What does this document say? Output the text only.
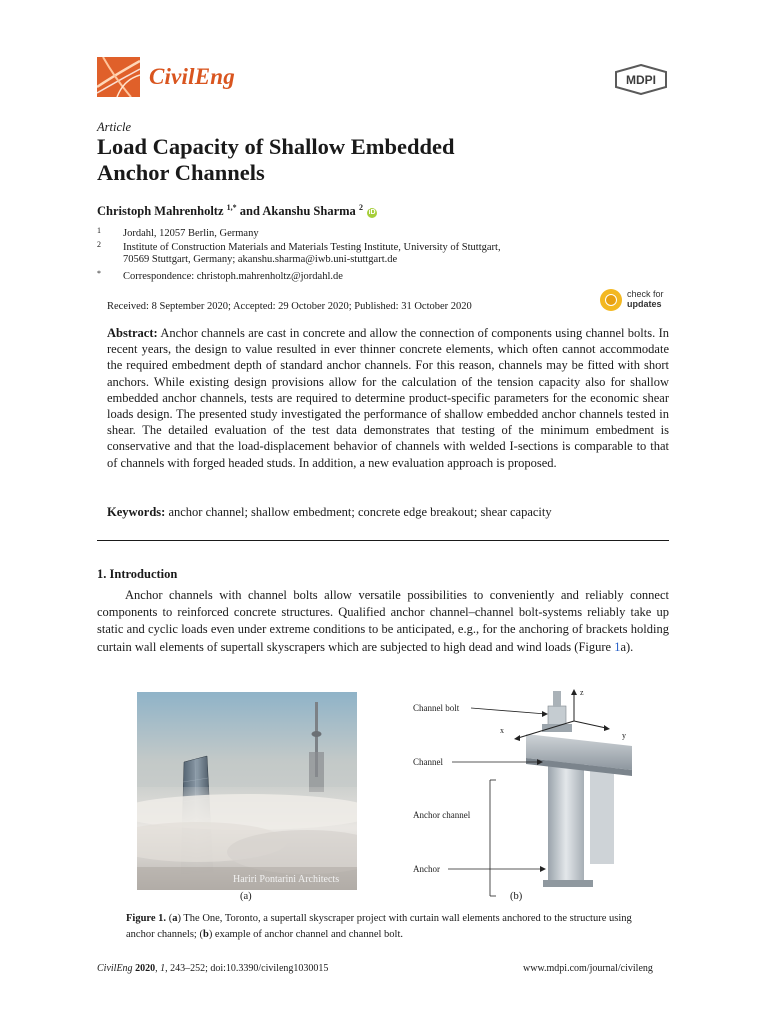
CivilEng	MDPI
Article
Load Capacity of Shallow Embedded
Anchor Channels
Christoph Mahrenholtz $^{1,*}$ and Akanshu Sharma $^2$ iD
1 Jordahl, 12057 Berlin, Germany
2 Institute of Construction Materials and Materials Testing Institute, University of Stuttgart,
70569 Stuttgart, Germany; akanshu.sharma@iwb.uni-stuttgart.de
* Correspondence: christoph.mahrenholtz@jordahl.de
Received: 8 September 2020; Accepted: 29 October 2020; Published: 31 October 2020
check for
updates
Abstract: Anchor channels are cast in concrete and allow the connection of components using channel bolts. In recent years, the design to value resulted in ever thinner concrete elements, which often cannot accommodate the required embedment depth of standard anchor channels. For this reason, channels may be fitted with short anchors. While existing design provisions allow for the calculation of the tension capacity also for shallow embedded anchor channels, tests are required to determine product-specific parameters for the economic shear loads design. The presented study investigated the performance of shallow embedded anchor channels tested in shear. The detailed evaluation of the test data demonstrates that testing of the minimum embedment is conservative and that the load-displacement behavior of channels with welded I-sections is comparable to that of channels with forged headed studs. In addition, a new evaluation approach is proposed.
Keywords: anchor channel; shallow embedment; concrete edge breakout; shear capacity
1. Introduction
Anchor channels with channel bolts allow versatile possibilities to conveniently and reliably connect components to reinforced concrete structures. Qualified anchor channel–channel bolt-systems reliably take up static and cyclic loads even under extreme conditions to be anticipated, e.g., for the anchoring of brackets holding curtain wall elements of supertall skyscrapers which are subjected to high dead and wind loads (Figure 1a).
Hariri Pontarini Architects
(a)
z
x
y
Channel bolt
Channel
Anchor channel
Anchor
(b)
Figure 1. (a) The One, Toronto, a supertall skyscraper project with curtain wall elements anchored to the structure using anchor channels; (b) example of anchor channel and channel bolt.
CivilEng 2020, 1, 243–252; doi:10.3390/civileng1030015	www.mdpi.com/journal/civileng
